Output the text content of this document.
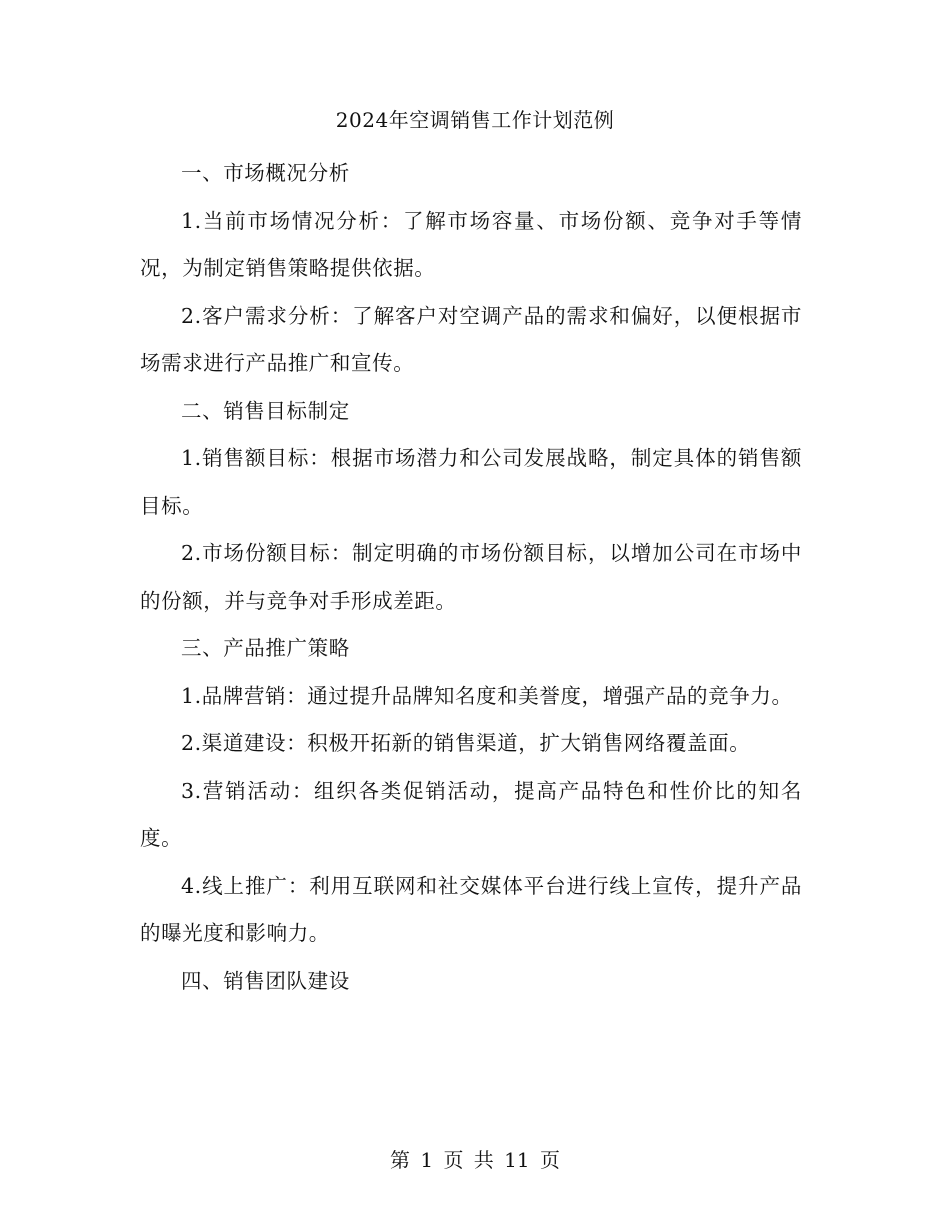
2024年空调销售工作计划范例

一、市场概况分析

1.当前市场情况分析：了解市场容量、市场份额、竞争对手等情况，为制定销售策略提供依据。

2.客户需求分析：了解客户对空调产品的需求和偏好，以便根据市场需求进行产品推广和宣传。

二、销售目标制定

1.销售额目标：根据市场潜力和公司发展战略，制定具体的销售额目标。

2.市场份额目标：制定明确的市场份额目标，以增加公司在市场中的份额，并与竞争对手形成差距。

三、产品推广策略

1.品牌营销：通过提升品牌知名度和美誉度，增强产品的竞争力。

2.渠道建设：积极开拓新的销售渠道，扩大销售网络覆盖面。

3.营销活动：组织各类促销活动，提高产品特色和性价比的知名度。

4.线上推广：利用互联网和社交媒体平台进行线上宣传，提升产品的曝光度和影响力。

四、销售团队建设

第 1 页 共 11 页
